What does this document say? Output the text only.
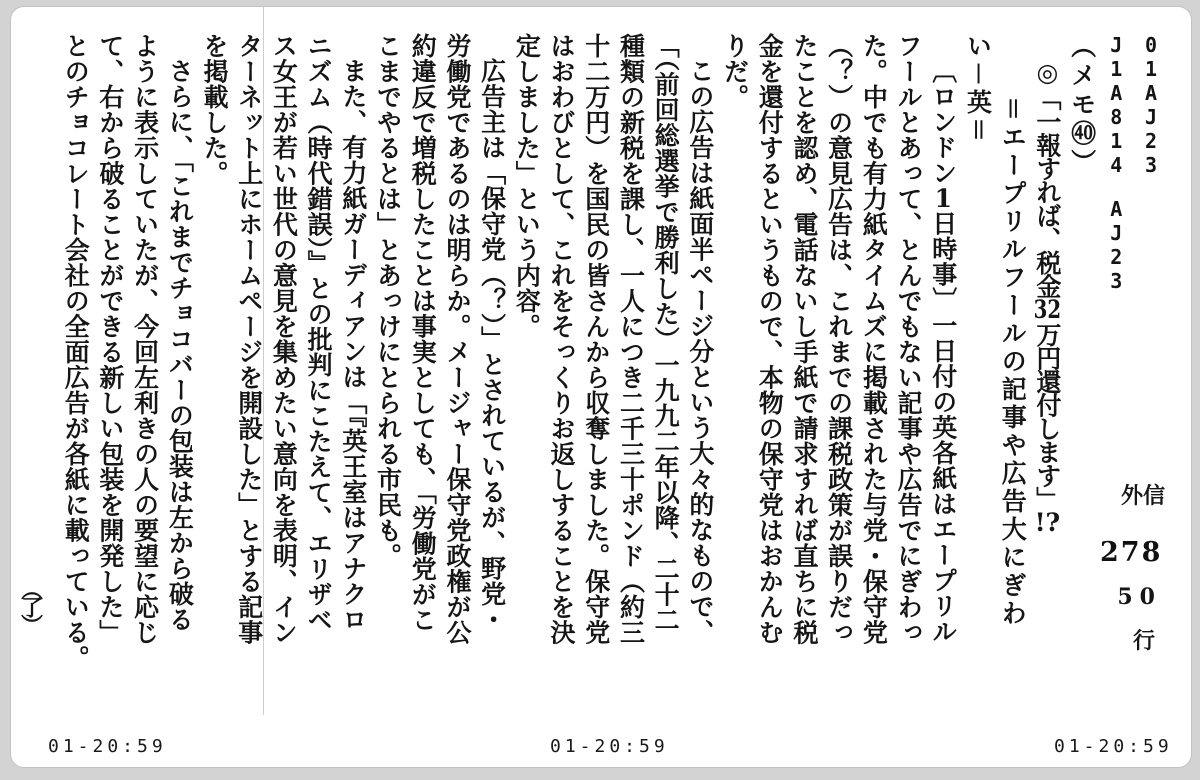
01AJ23
J1A814　AJ23
（メモ㊵）
◎「一報すれば、税金32万円還付します」!?
＝エープリルフールの記事や広告大にぎわ
い－英＝
〔ロンドン1日時事〕一日付の英各紙はエープリル
フールとあって、とんでもない記事や広告でにぎわっ
た。中でも有力紙タイムズに掲載された与党・保守党
（？）の意見広告は、これまでの課税政策が誤りだっ
たことを認め、電話ないし手紙で請求すれば直ちに税
金を還付するというもので、本物の保守党はおかんむ
りだ。
この広告は紙面半ページ分という大々的なもので、
「（前回総選挙で勝利した）一九九二年以降、二十二
種類の新税を課し、一人につき二千三十ポンド（約三
十二万円）を国民の皆さんから収奪しました。保守党
はおわびとして、これをそっくりお返しすることを決
定しました」という内容。
広告主は「保守党（？）」とされているが、野党・
労働党であるのは明らか。メージャー保守党政権が公
約違反で増税したことは事実としても、「労働党がこ
こまでやるとは」とあっけにとられる市民も。
また、有力紙ガーディアンは「『英王室はアナクロ
ニズム（時代錯誤）』との批判にこたえて、エリザベ
ス女王が若い世代の意見を集めたい意向を表明、イン
ターネット上にホームページを開設した」とする記事
を掲載した。
さらに、「これまでチョコバーの包装は左から破る
ように表示していたが、今回左利きの人の要望に応じ
て、右から破ることができる新しい包装を開発した」
とのチョコレート会社の全面広告が各紙に載っている。
（了）
外信
278
50行
01-20:59	01-20:59	01-20:59
